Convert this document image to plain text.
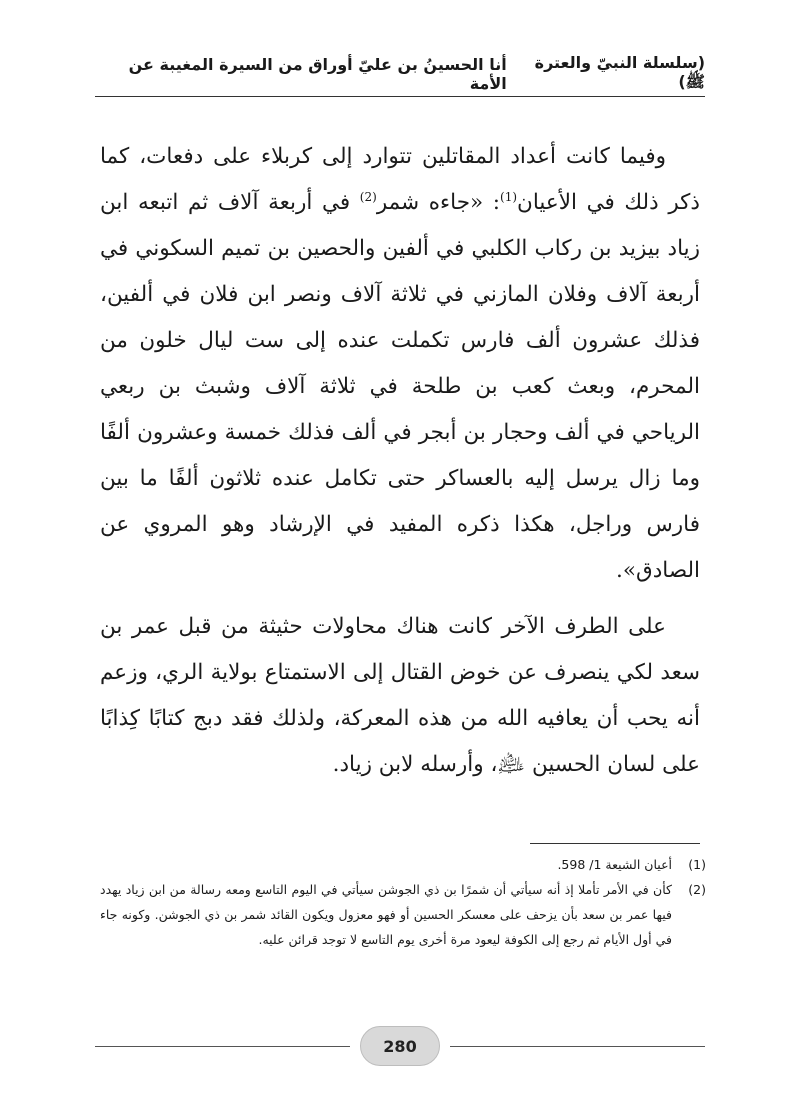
(سلسلة النبيّ والعترة ﷺ)
أنا الحسينُ بن عليّ أوراق من السيرة المغيبة عن الأمة

وفيما كانت أعداد المقاتلين تتوارد إلى كربلاء على دفعات، كما ذكر ذلك في الأعيان$^{(1)}$: «جاءه شمر$^{(2)}$ في أربعة آلاف ثم اتبعه ابن زياد بيزيد بن ركاب الكلبي في ألفين والحصين بن تميم السكوني في أربعة آلاف وفلان المازني في ثلاثة آلاف ونصر ابن فلان في ألفين، فذلك عشرون ألف فارس تكملت عنده إلى ست ليال خلون من المحرم، وبعث كعب بن طلحة في ثلاثة آلاف وشبث بن ربعي الرياحي في ألف وحجار بن أبجر في ألف فذلك خمسة وعشرون ألفًا وما زال يرسل إليه بالعساكر حتى تكامل عنده ثلاثون ألفًا ما بين فارس وراجل، هكذا ذكره المفيد في الإرشاد وهو المروي عن الصادق».

على الطرف الآخر كانت هناك محاولات حثيثة من قبل عمر بن سعد لكي ينصرف عن خوض القتال إلى الاستمتاع بولاية الري، وزعم أنه يحب أن يعافيه الله من هذه المعركة، ولذلك فقد دبج كتابًا كِذابًا على لسان الحسين ﵇، وأرسله لابن زياد.

(1)
أعيان الشيعة 1/ 598.
(2)
كأن في الأمر تأملا إذ أنه سيأتي أن شمرًا بن ذي الجوشن سيأتي في اليوم التاسع ومعه رسالة من ابن زياد يهدد فيها عمر بن سعد بأن يزحف على معسكر الحسين أو فهو معزول ويكون القائد شمر بن ذي الجوشن. وكونه جاء في أول الأيام ثم رجع إلى الكوفة ليعود مرة أخرى يوم التاسع لا توجد قرائن عليه.
280
